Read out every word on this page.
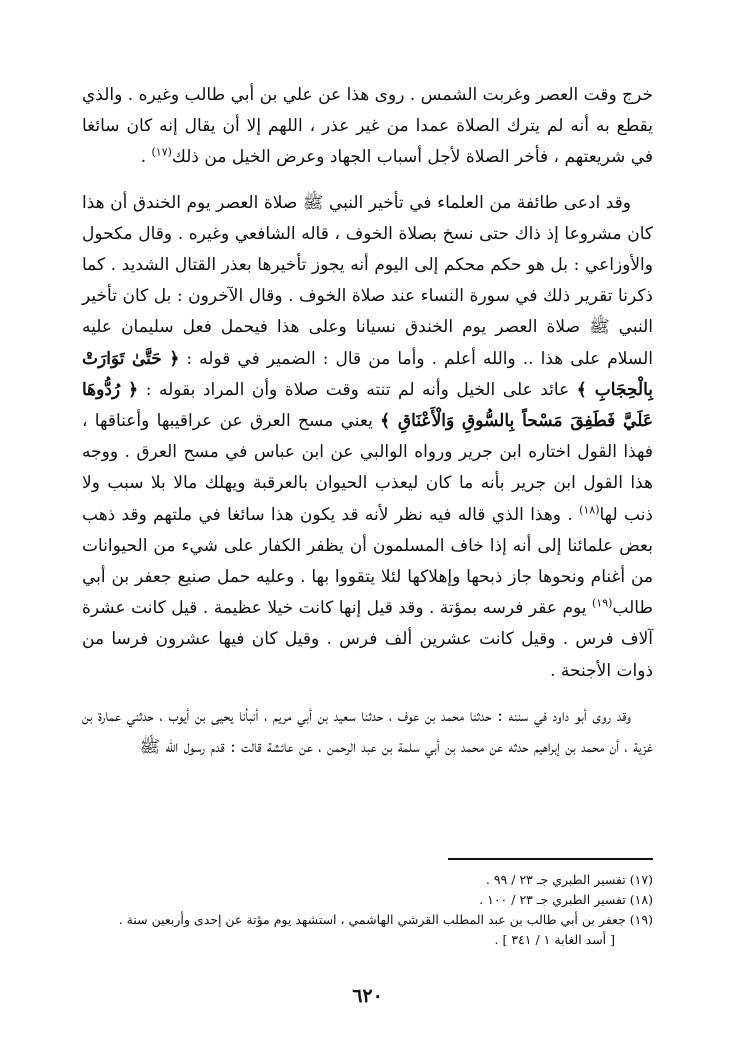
خرج وقت العصر وغربت الشمس . روى هذا عن علي بن أبي طالب وغيره . والذي يقطع به أنه لم يترك الصلاة عمدا من غير عذر ، اللهم إلا أن يقال إنه كان سائغا في شريعتهم ، فأخر الصلاة لأجل أسباب الجهاد وعرض الخيل من ذلك$^{(١٧)}$ .

وقد ادعى طائفة من العلماء في تأخير النبي ﷺ صلاة العصر يوم الخندق أن هذا كان مشروعا إذ ذاك حتى نسخ بصلاة الخوف ، قاله الشافعي وغيره . وقال مكحول والأوزاعي : بل هو حكم محكم إلى اليوم أنه يجوز تأخيرها بعذر القتال الشديد . كما ذكرنا تقرير ذلك في سورة النساء عند صلاة الخوف . وقال الآخرون : بل كان تأخير النبي ﷺ صلاة العصر يوم الخندق نسيانا وعلى هذا فيحمل فعل سليمان عليه السلام على هذا .. والله أعلم . وأما من قال : الضمير في قوله : ﴿ حَتَّىٰ تَوَارَتْ بِالْحِجَابِ ﴾ عائد على الخيل وأنه لم تنته وقت صلاة وأن المراد بقوله : ﴿ رُدُّوهَا عَلَيَّ فَطَفِقَ مَسْحاً بِالسُّوقِ وَالْأَعْنَاقِ ﴾ يعني مسح العرق عن عراقيبها وأعناقها ، فهذا القول اختاره ابن جرير ورواه الوالبي عن ابن عباس في مسح العرق . ووجه هذا القول ابن جرير بأنه ما كان ليعذب الحيوان بالعرقبة ويهلك مالا بلا سبب ولا ذنب لها$^{(١٨)}$ . وهذا الذي قاله فيه نظر لأنه قد يكون هذا سائغا في ملتهم وقد ذهب بعض علمائنا إلى أنه إذا خاف المسلمون أن يظفر الكفار على شيء من الحيوانات من أغنام ونحوها جاز ذبحها وإهلاكها لئلا يتقووا بها . وعليه حمل صنيع جعفر بن أبي طالب$^{(١٩)}$ يوم عقر فرسه بمؤتة . وقد قيل إنها كانت خيلا عظيمة . قيل كانت عشرة آلاف فرس . وقيل كانت عشرين ألف فرس . وقيل كان فيها عشرون فرسا من ذوات الأجنحة .

وقد روى أبو داود في سننه : حدثنا محمد بن عوف ، حدثنا سعيد بن أبي مريم ، أنبأنا يحيى بن أيوب ، حدثني عمارة بن غزية ، أن محمد بن إبراهيم حدثه عن محمد بن أبي سلمة بن عبد الرحمن ، عن عائشة قالت : قدم رسول الله ﷺ

(١٧) تفسير الطبري جـ ٢٣ / ٩٩ .

(١٨) تفسير الطبري جـ ٢٣ / ١٠٠ .

(١٩) جعفر بن أبي طالب بن عبد المطلب القرشي الهاشمي ، استشهد يوم مؤتة عن إحدى وأربعين سنة .

[ أسد الغابة ١ / ٣٤١ ] .

٦٢٠
